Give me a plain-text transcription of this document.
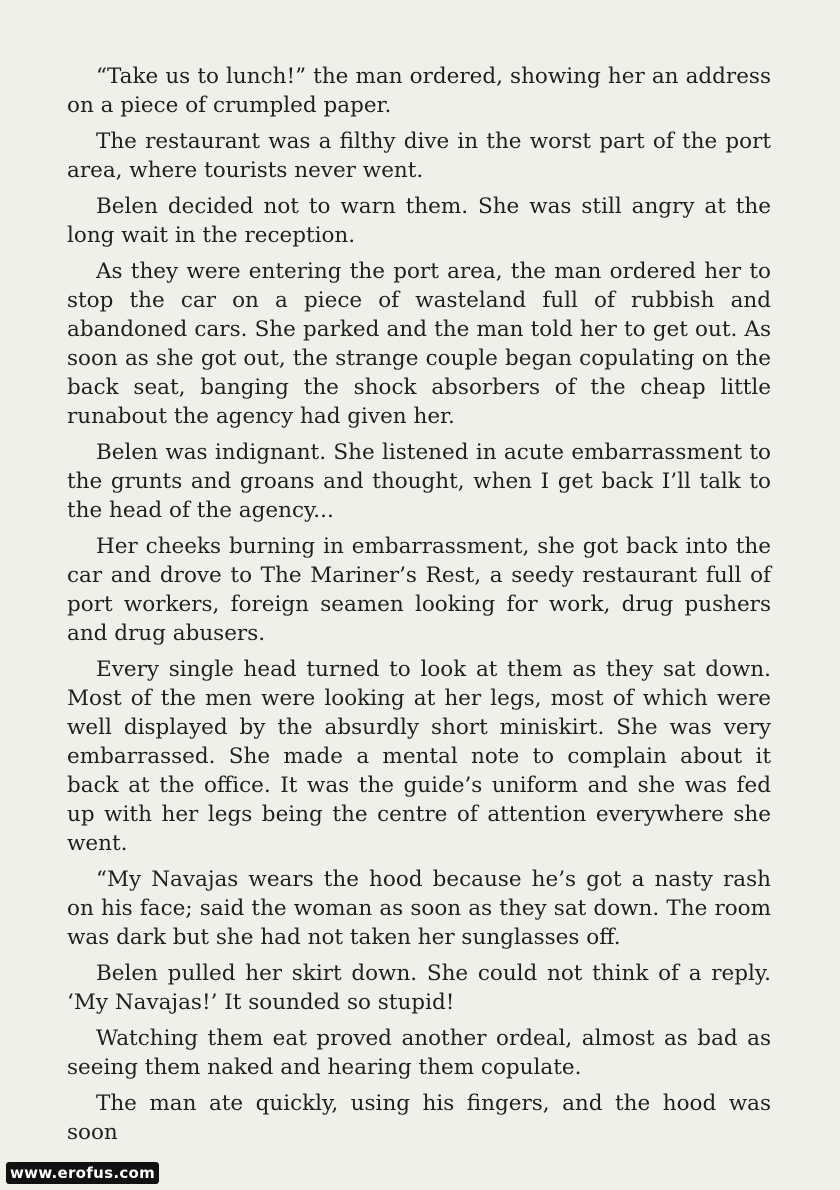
“Take us to lunch!” the man ordered, showing her an address on a piece of crumpled paper.

The restaurant was a filthy dive in the worst part of the port area, where tourists never went.

Belen decided not to warn them. She was still angry at the long wait in the reception.

As they were entering the port area, the man ordered her to stop the car on a piece of wasteland full of rubbish and abandoned cars. She parked and the man told her to get out. As soon as she got out, the strange couple began copulating on the back seat, banging the shock absorbers of the cheap little runabout the agency had given her.

Belen was indignant. She listened in acute embarrassment to the grunts and groans and thought, when I get back I’ll talk to the head of the agency...

Her cheeks burning in embarrassment, she got back into the car and drove to The Mariner’s Rest, a seedy restaurant full of port workers, foreign seamen looking for work, drug pushers and drug abusers.

Every single head turned to look at them as they sat down. Most of the men were looking at her legs, most of which were well displayed by the absurdly short miniskirt. She was very embarrassed. She made a mental note to complain about it back at the office. It was the guide’s uniform and she was fed up with her legs being the centre of attention everywhere she went.

“My Navajas wears the hood because he’s got a nasty rash on his face; said the woman as soon as they sat down. The room was dark but she had not taken her sunglasses off.

Belen pulled her skirt down. She could not think of a reply. ‘My Navajas!’ It sounded so stupid!

Watching them eat proved another ordeal, almost as bad as seeing them naked and hearing them copulate.

The man ate quickly, using his fingers, and the hood was soon

www.erofus.com
